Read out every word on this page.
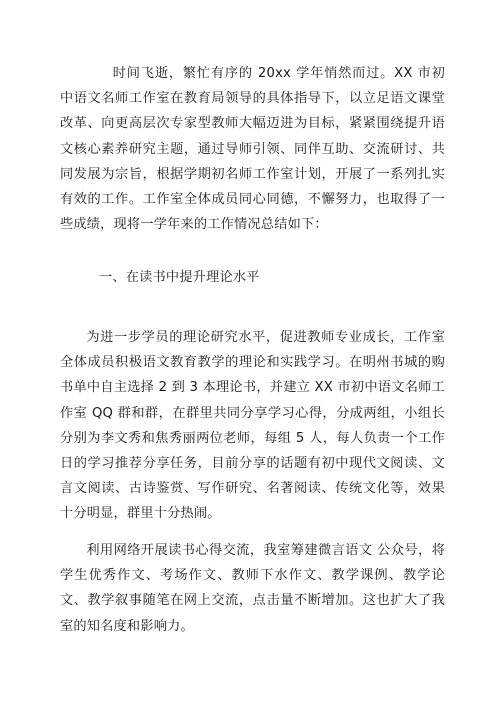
时间飞逝，繁忙有序的 20xx 学年悄然而过。XX 市初中语文名师工作室在教育局领导的具体指导下，以立足语文课堂改革、向更高层次专家型教师大幅迈进为目标，紧紧围绕提升语文核心素养研究主题，通过导师引领、同伴互助、交流研讨、共同发展为宗旨，根据学期初名师工作室计划，开展了一系列扎实有效的工作。工作室全体成员同心同德，不懈努力，也取得了一些成绩，现将一学年来的工作情况总结如下：

一、在读书中提升理论水平

为进一步学员的理论研究水平，促进教师专业成长，工作室全体成员积极语文教育教学的理论和实践学习。在明州书城的购书单中自主选择 2 到 3 本理论书，并建立 XX 市初中语文名师工作室 QQ 群和群，在群里共同分享学习心得，分成两组，小组长分别为李文秀和焦秀丽两位老师，每组 5 人，每人负责一个工作日的学习推荐分享任务，目前分享的话题有初中现代文阅读、文言文阅读、古诗鉴赏、写作研究、名著阅读、传统文化等，效果十分明显，群里十分热闹。

利用网络开展读书心得交流，我室筹建微言语文 公众号，将学生优秀作文、考场作文、教师下水作文、教学课例、教学论文、教学叙事随笔在网上交流，点击量不断增加。这也扩大了我室的知名度和影响力。
